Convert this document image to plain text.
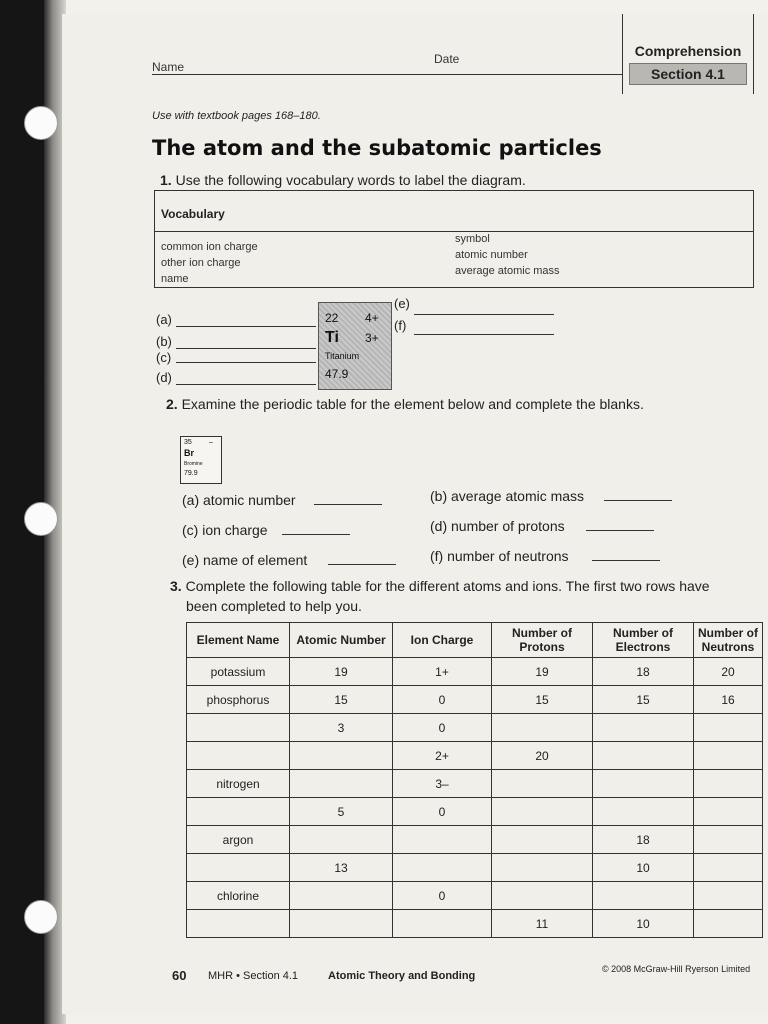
Name
Date	Comprehension
Section 4.1
Use with textbook pages 168–180.
The atom and the subatomic particles
1. Use the following vocabulary words to label the diagram.
Vocabulary
common ion charge
other ion charge
name
symbol
atomic number
average atomic mass
(a)
(b)
(c)
(d)
22 4+
Ti 3+
Titanium
47.9
(e)
(f)
2. Examine the periodic table for the element below and complete the blanks.
35 –
Br
Bromine
79.9
(a) atomic number	(b) average atomic mass
(c) ion charge	(d) number of protons
(e) name of element	(f) number of neutrons
3. Complete the following table for the different atoms and ions. The first two rows have
been completed to help you.
Element Name	Atomic Number	Ion Charge	Number of Protons	Number of Electrons	Number of Neutrons
potassium	19	1+	19	18	20
phosphorus	15	0	15	15	16
	3	0			
		2+	20		
nitrogen		3–			
	5	0			
argon				18	
	13			10	
chlorine		0			
			11	10	
60 MHR • Section 4.1	Atomic Theory and Bonding
© 2008 McGraw-Hill Ryerson Limited
